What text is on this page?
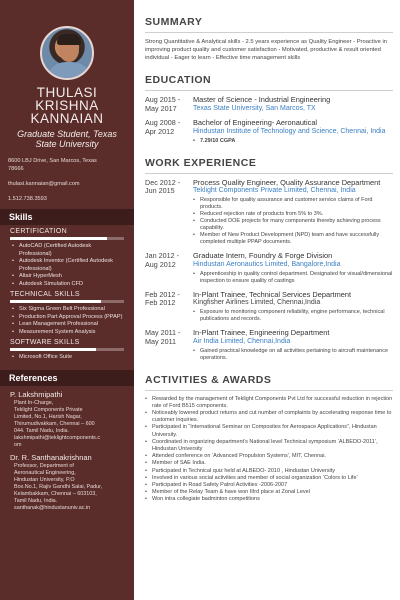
THULASI
KRISHNA
KANNAIAN
Graduate Student, Texas State University
8600 LBJ Drive, San Marcos, Texas
78666
thulasi.kannaian@gmail.com
1.512.738.3593
Skills
CERTIFICATION
• AutoCAD (Certified Autodesk Professional)
• Autodesk Inventor (Certified Autodesk Professional)
• Altair HyperMesh
• Autodesk Simulation CFD
TECHNICAL SKILLS
• Six Sigma Green Belt Professional
• Production Part Approval Process (PPAP)
• Lean Management Professional
• Measurement System Analysis
SOFTWARE SKILLS
• Microsoft Office Suite
References
P. Lakshmipathi
Plant In-Charge,
Teklight Components Private
Limited, No.1, Harish Nagar,
Thirumudivakkam, Chennai – 600
044. Tamil Nadu, India.
lakshmipathi@teklightcomponents.c
om
Dr. R. Santhanakrishnan
Professor, Department of
Aeronautical Engineering,
Hindustan University, P.O
Box.No.1, Rajiv Gandhi Salai, Padur,
Kelambakkam, Chennai – 603103,
Tamil Nadu, India.
santhanak@hindustanuniv.ac.in
SUMMARY
Strong Quantitative & Analytical skills - 2.5 years experience as Quality Engineer - Proactive in improving product quality and customer satisfaction - Motivated, productive & result oriented individual - Eager to learn - Effective time management skills
EDUCATION
Aug 2015 -
May 2017
Master of Science - Industrial Engineering
Texas State University, San Marcos, TX
Aug 2008 -
Apr 2012
Bachelor of Engineering- Aeronautical
Hindustan Institute of Technology and Science, Chennai, India
• 7.29/10 CGPA
WORK EXPERIENCE
Dec 2012 -
Jun 2015
Process Quality Engineer, Quality Assurance Department
Teklight Components Private Limited, Chennai, India
• Responsible for quality assurance and customer service claims of Ford products.
• Reduced rejection rate of products from 5% to 3%.
• Conducted DOE projects for many components thereby achieving process capability.
• Member of New Product Development (NPD) team and have successfully completed multiple PPAP documents.
Jan 2012 -
Aug 2012
Graduate Intern, Foundry & Forge Division
Hindustan Aeronautics Limited, Bangalore,India
• Apprenticeship in quality control department. Designated for visual/dimensional inspection to ensure quality of castings
Feb 2012 -
Feb 2012
In-Plant Trainee, Technical Services Department
Kingfisher Airlines Limited, Chennai,India
• Exposure to monitoring component reliability, engine performance, technical publications and records.
May 2011 -
May 2011
In-Plant Trainee, Engineering Department
Air India Limited, Chennai,India
• Gained practical knowledge on all activities pertaining to aircraft maintenance operations.
ACTIVITIES & AWARDS
• Rewarded by the management of Teklight Components Pvt Ltd for successful reduction in rejection rate of Ford B515 components.
• Noticeably lowered product returns and cut number of complaints by accelerating response time to customer inquiries.
• Participated in “International Seminar on Composites for Aerospace Applications”, Hindustan University.
• Coordinated in organizing department’s National level Technical symposium ‘ALBEDO-2011’, Hindustan University
• Attended conference on ‘Advanced Propulsion Systems’, MIT, Chennai.
• Member of SAE India.
• Participated in Technical quiz held at ALBEDO- 2010 , Hindustan University
• Involved in various social activities and member of social organization ‘Colors to Life’
• Participated in Road Safety Patrol Activities -2006-2007
• Member of the Relay Team & have won IIIrd place at Zonal Level
• Won intra collegiate badminton competitions
